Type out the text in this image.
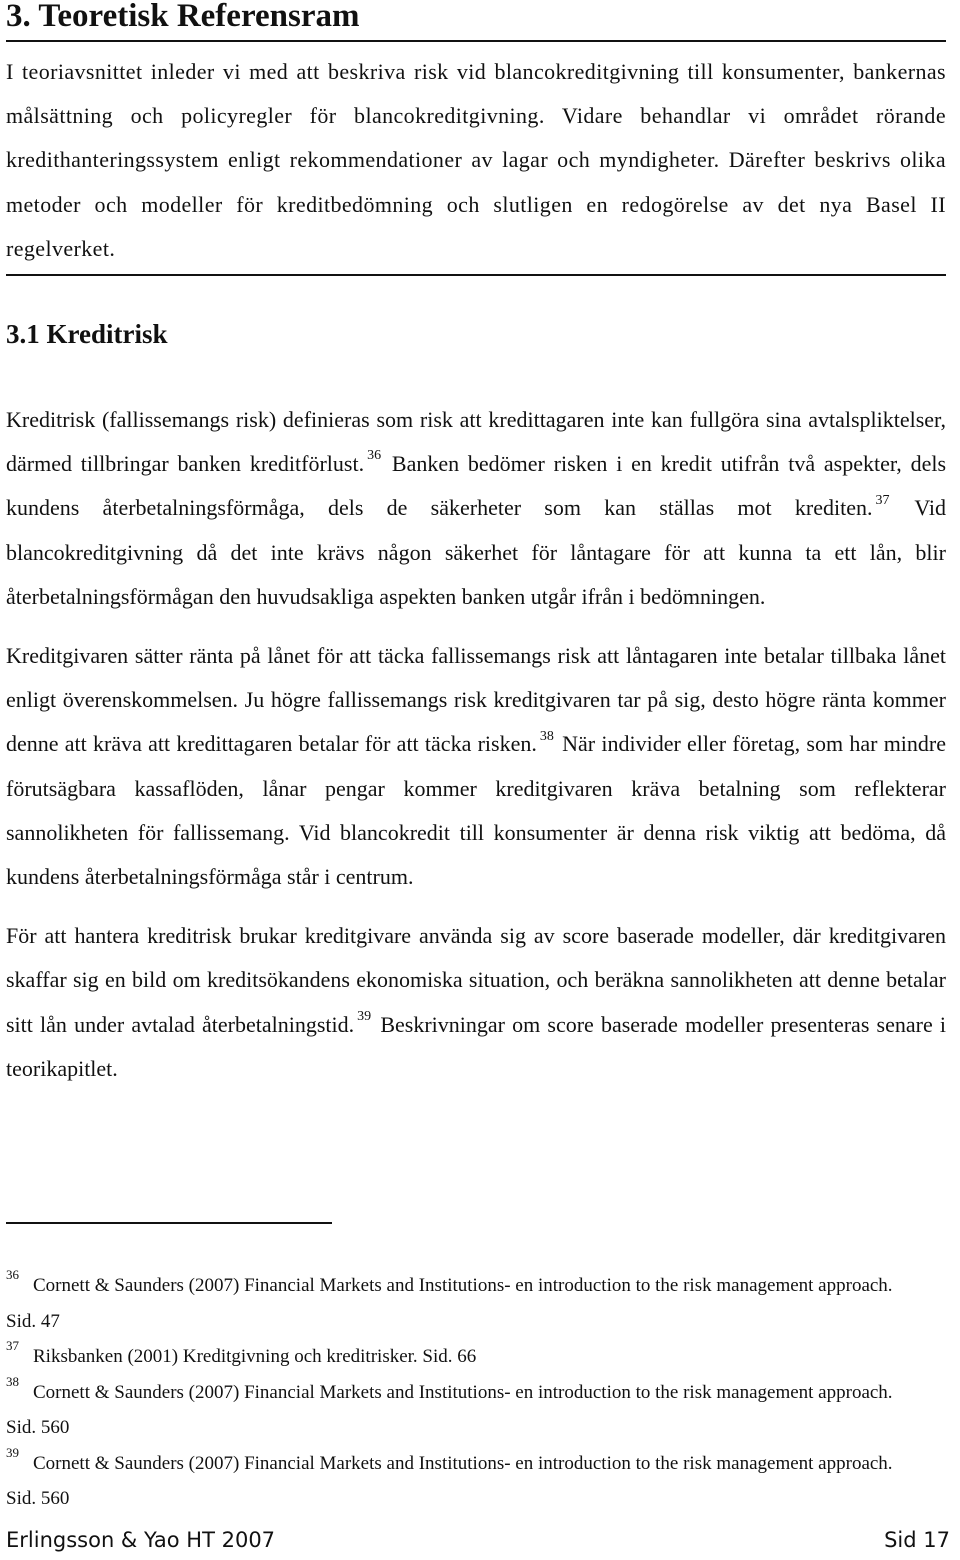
3. Teoretisk Referensram
I teoriavsnittet inleder vi med att beskriva risk vid blancokreditgivning till konsumenter, bankernas målsättning och policyregler för blancokreditgivning. Vidare behandlar vi området rörande kredithanteringssystem enligt rekommendationer av lagar och myndigheter. Därefter beskrivs olika metoder och modeller för kreditbedömning och slutligen en redogörelse av det nya Basel II regelverket.
3.1 Kreditrisk

Kreditrisk (fallissemangs risk) definieras som risk att kredittagaren inte kan fullgöra sina avtalspliktelser, därmed tillbringar banken kreditförlust. $^{36}$ Banken bedömer risken i en kredit utifrån två aspekter, dels kundens återbetalningsförmåga, dels de säkerheter som kan ställas mot krediten. $^{37}$ Vid blancokreditgivning då det inte krävs någon säkerhet för låntagare för att kunna ta ett lån, blir återbetalningsförmågan den huvudsakliga aspekten banken utgår ifrån i bedömningen.

Kreditgivaren sätter ränta på lånet för att täcka fallissemangs risk att låntagaren inte betalar tillbaka lånet enligt överenskommelsen. Ju högre fallissemangs risk kreditgivaren tar på sig, desto högre ränta kommer denne att kräva att kredittagaren betalar för att täcka risken. $^{38}$ När individer eller företag, som har mindre förutsägbara kassaflöden, lånar pengar kommer kreditgivaren kräva betalning som reflekterar sannolikheten för fallissemang. Vid blancokredit till konsumenter är denna risk viktig att bedöma, då kundens återbetalningsförmåga står i centrum.

För att hantera kreditrisk brukar kreditgivare använda sig av score baserade modeller, där kreditgivaren skaffar sig en bild om kreditsökandens ekonomiska situation, och beräkna sannolikheten att denne betalar sitt lån under avtalad återbetalningstid. $^{39}$ Beskrivningar om score baserade modeller presenteras senare i teorikapitlet.

$^{36}$Cornett & Saunders (2007) Financial Markets and Institutions- en introduction to the risk management approach. Sid. 47

$^{37}$Riksbanken (2001) Kreditgivning och kreditrisker. Sid. 66

$^{38}$Cornett & Saunders (2007) Financial Markets and Institutions- en introduction to the risk management approach. Sid. 560

$^{39}$Cornett & Saunders (2007) Financial Markets and Institutions- en introduction to the risk management approach. Sid. 560

Erlingsson & Yao HT 2007	Sid 17
